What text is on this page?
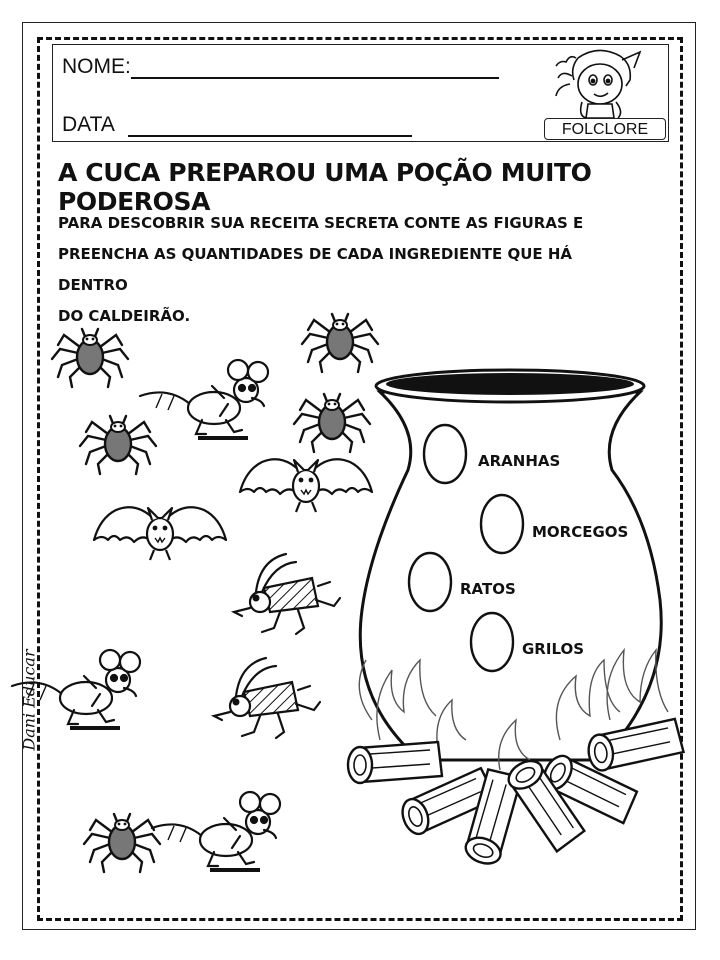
NOME:
DATA	FOLCLORE
A CUCA PREPAROU UMA POÇÃO MUITO PODEROSA
PARA DESCOBRIR SUA RECEITA SECRETA CONTE AS FIGURAS E
PREENCHA AS QUANTIDADES DE CADA INGREDIENTE QUE HÁ DENTRO
DO CALDEIRÃO.
Dani Educar
ARANHAS
MORCEGOS
RATOS
GRILOS
